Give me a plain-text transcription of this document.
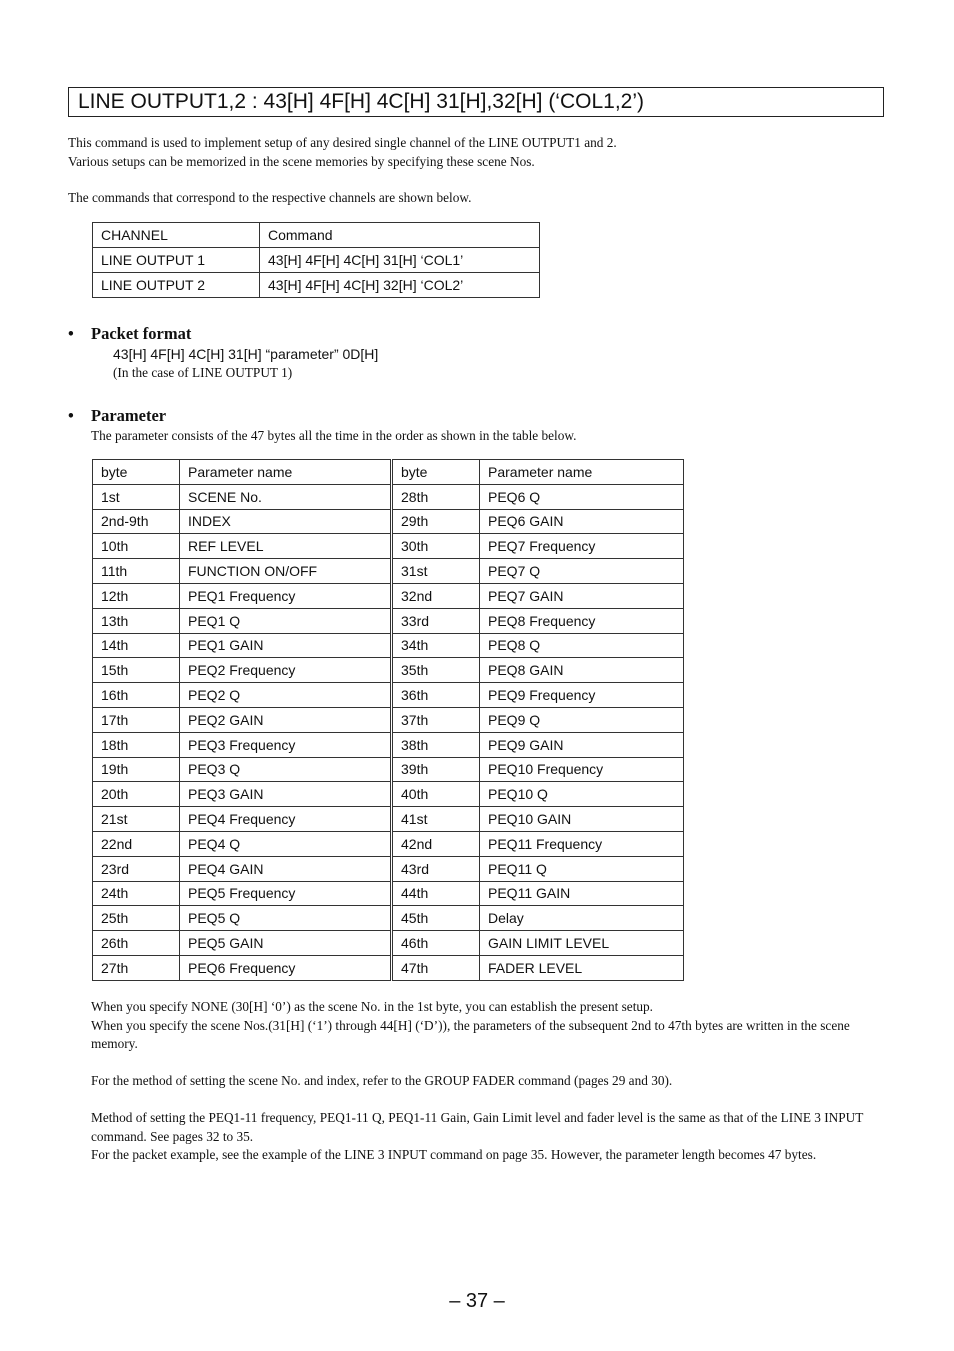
LINE OUTPUT1,2 : 43[H] 4F[H] 4C[H] 31[H],32[H] (‘COL1,2’)

This command is used to implement setup of any desired single channel of the LINE OUTPUT1 and 2.
Various setups can be memorized in the scene memories by specifying these scene Nos.

The commands that correspond to the respective channels are shown below.

CHANNEL	Command
LINE OUTPUT 1	43[H] 4F[H] 4C[H] 31[H] ‘COL1’
LINE OUTPUT 2	43[H] 4F[H] 4C[H] 32[H] ‘COL2’
• Packet format
43[H] 4F[H] 4C[H] 31[H] “parameter” 0D[H]
(In the case of LINE OUTPUT 1)
• Parameter
The parameter consists of the 47 bytes all the time in the order as shown in the table below.
byte	Parameter name	byte	Parameter name
1st	SCENE No.	28th	PEQ6 Q
2nd-9th	INDEX	29th	PEQ6 GAIN
10th	REF LEVEL	30th	PEQ7 Frequency
11th	FUNCTION ON/OFF	31st	PEQ7 Q
12th	PEQ1 Frequency	32nd	PEQ7 GAIN
13th	PEQ1 Q	33rd	PEQ8 Frequency
14th	PEQ1 GAIN	34th	PEQ8 Q
15th	PEQ2 Frequency	35th	PEQ8 GAIN
16th	PEQ2 Q	36th	PEQ9 Frequency
17th	PEQ2 GAIN	37th	PEQ9 Q
18th	PEQ3 Frequency	38th	PEQ9 GAIN
19th	PEQ3 Q	39th	PEQ10 Frequency
20th	PEQ3 GAIN	40th	PEQ10 Q
21st	PEQ4 Frequency	41st	PEQ10 GAIN
22nd	PEQ4 Q	42nd	PEQ11 Frequency
23rd	PEQ4 GAIN	43rd	PEQ11 Q
24th	PEQ5 Frequency	44th	PEQ11 GAIN
25th	PEQ5 Q	45th	Delay
26th	PEQ5 GAIN	46th	GAIN LIMIT LEVEL
27th	PEQ6 Frequency	47th	FADER LEVEL
When you specify NONE (30[H] ‘0’) as the scene No. in the 1st byte, you can establish the present setup.
When you specify the scene Nos.(31[H] (‘1’) through 44[H] (‘D’)), the parameters of the subsequent 2nd to 47th bytes are written in the scene memory.
For the method of setting the scene No. and index, refer to the GROUP FADER command (pages 29 and 30).
Method of setting the PEQ1-11 frequency, PEQ1-11 Q, PEQ1-11 Gain, Gain Limit level and fader level is the same as that of the LINE 3 INPUT command. See pages 32 to 35.
For the packet example, see the example of the LINE 3 INPUT command on page 35. However, the parameter length becomes 47 bytes.
– 37 –
